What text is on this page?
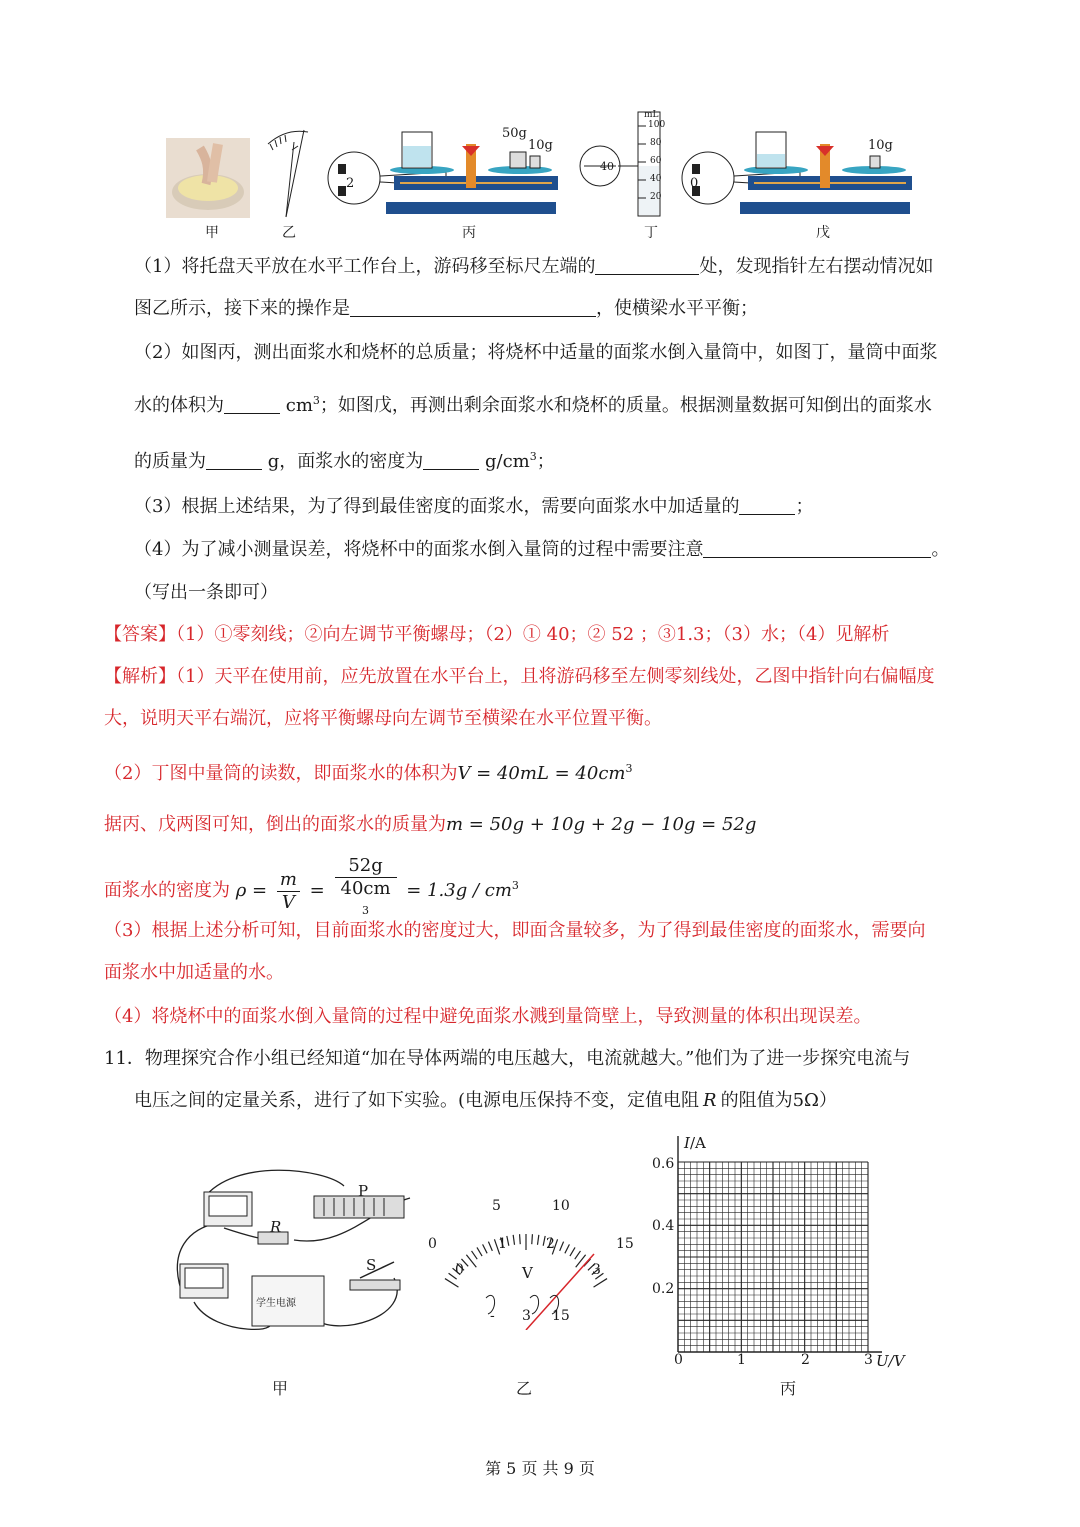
甲	乙
50g
10g
2
丙
mL
100
80
60
40
20
40
丁
10g
0
戊
（1）将托盘天平放在水平工作台上，游码移至标尺左端的	处，发现指针左右摆动情况如
图乙所示，接下来的操作是	，使横梁水平平衡；
（2）如图丙，测出面浆水和烧杯的总质量；将烧杯中适量的面浆水倒入量筒中，如图丁，量筒中面浆
水的体积为	$cm^3$；如图戊，再测出剩余面浆水和烧杯的质量。根据测量数据可知倒出的面浆水
的质量为	g，面浆水的密度为	$g/cm^3$；
（3）根据上述结果，为了得到最佳密度的面浆水，需要向面浆水中加适量的	；
（4）为了减小测量误差，将烧杯中的面浆水倒入量筒的过程中需要注意	。
（写出一条即可）
【答案】（1）①零刻线；②向左调节平衡螺母；（2）① 40；② 52 ；③1.3；（3）水；（4）见解析
【解析】（1）天平在使用前，应先放置在水平台上，且将游码移至左侧零刻线处，乙图中指针向右偏幅度
大，说明天平右端沉，应将平衡螺母向左调节至横梁在水平位置平衡。
（2）丁图中量筒的读数，即面浆水的体积为$V = 40mL = 40cm^3$
据丙、戊两图可知，倒出的面浆水的质量为m = 50g + 10g + 2g − 10g = 52g
面浆水的密度为 $\rho = \frac{m}{V} = 52g$
40cm
$^3 = 1.3g / cm^3$
（3）根据上述分析可知，目前面浆水的密度过大，即面含量较多，为了得到最佳密度的面浆水，需要向
面浆水中加适量的水。
（4）将烧杯中的面浆水倒入量筒的过程中避免面浆水溅到量筒壁上，导致测量的体积出现误差。
11．物理探究合作小组已经知道“加在导体两端的电压越大，电流就越大。”他们为了进一步探究电流与
电压之间的定量关系，进行了如下实验。(电源电压保持不变，定值电阻 R 的阻值为5Ω）
P
R
S
学生电源
甲
0
5	10
15
0
1	2
3
V
- 3 15
乙
I/A
0.6
0.4
0.2
0	1	2	3 U/V
丙
第 5 页 共 9 页
